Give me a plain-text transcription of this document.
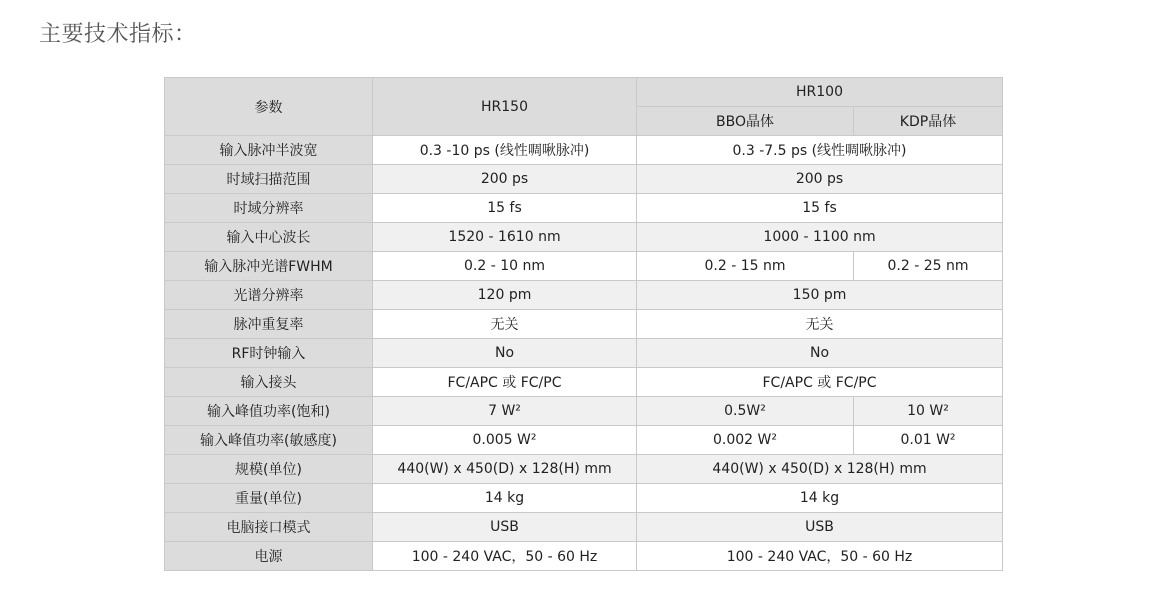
主要技术指标：
参数	HR150	HR100	
		BBO晶体	KDP晶体
输入脉冲半波宽	0.3 -10 ps (线性啁啾脉冲)	0.3 -7.5 ps (线性啁啾脉冲)	
时域扫描范围	200 ps	200 ps	
时域分辨率	15 fs	15 fs	
输入中心波长	1520 - 1610 nm	1000 - 1100 nm	
输入脉冲光谱FWHM	0.2 - 10 nm	0.2 - 15 nm	0.2 - 25 nm
光谱分辨率	120 pm	150 pm	
脉冲重复率	无关	无关	
RF时钟输入	No	No	
输入接头	FC/APC 或 FC/PC	FC/APC 或 FC/PC	
输入峰值功率(饱和)	7 W²	0.5W²	10 W²
输入峰值功率(敏感度)	0.005 W²	0.002 W²	0.01 W²
规模(单位)	440(W) x 450(D) x 128(H) mm	440(W) x 450(D) x 128(H) mm	
重量(单位)	14 kg	14 kg	
电脑接口模式	USB	USB	
电源	100 - 240 VAC，50 - 60 Hz	100 - 240 VAC，50 - 60 Hz	
